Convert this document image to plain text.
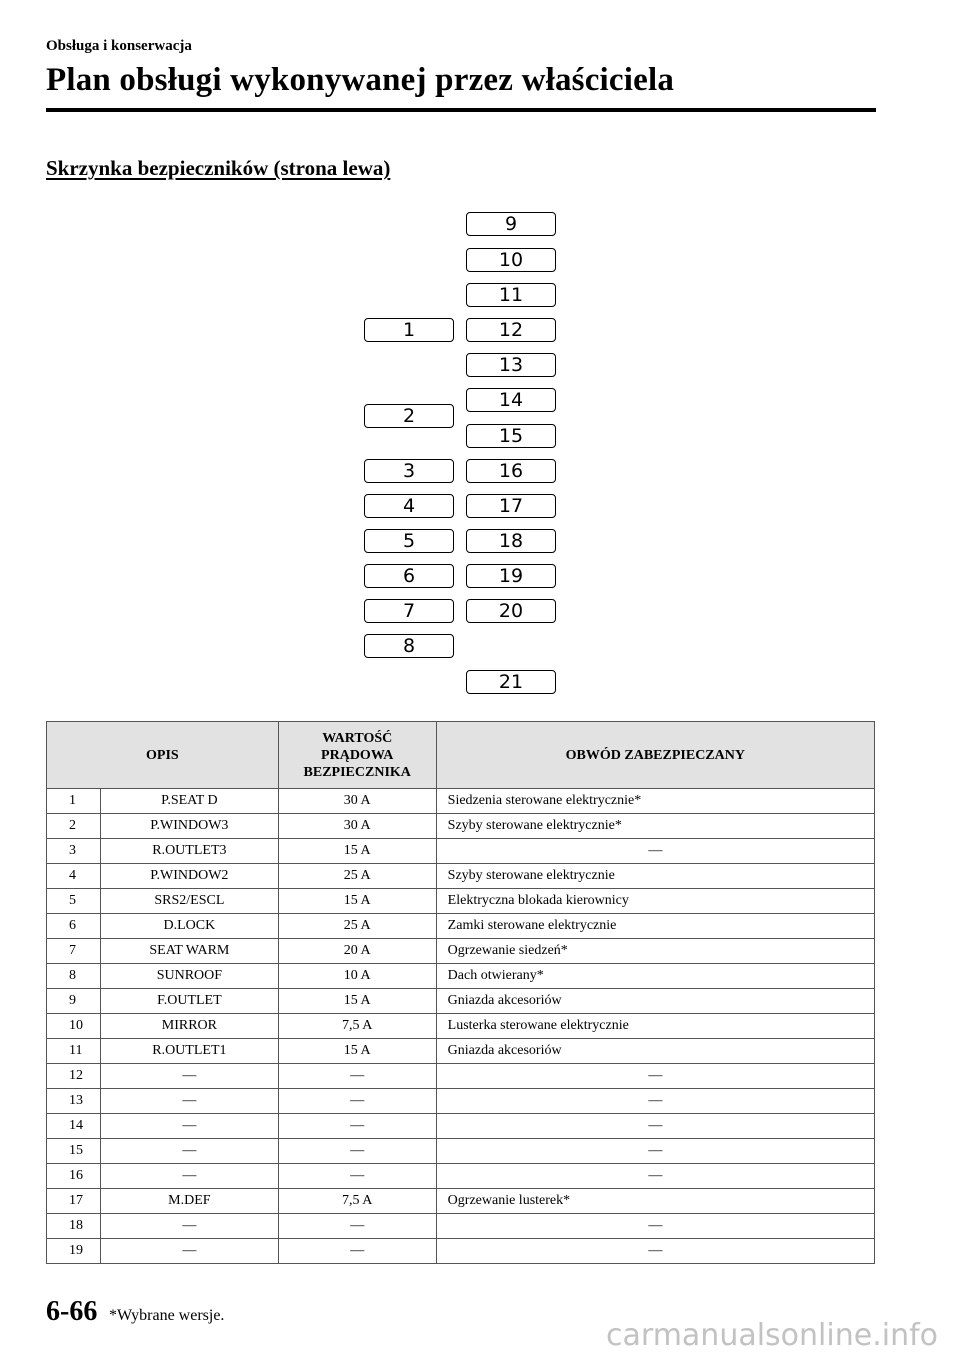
Obsługa i konserwacja
Plan obsługi wykonywanej przez właściciela
Skrzynka bezpieczników (strona lewa)
1
2
3
4
5
6
7
8
9
10
11
12
13
14
15
16
17
18
19
20
21
OPIS		WARTOŚĆ
PRĄDOWA
BEZPIECZNIKA	OBWÓD ZABEZPIECZANY
1	P.SEAT D	30 A	Siedzenia sterowane elektrycznie*
2	P.WINDOW3	30 A	Szyby sterowane elektrycznie*
3	R.OUTLET3	15 A	—
4	P.WINDOW2	25 A	Szyby sterowane elektrycznie
5	SRS2/ESCL	15 A	Elektryczna blokada kierownicy
6	D.LOCK	25 A	Zamki sterowane elektrycznie
7	SEAT WARM	20 A	Ogrzewanie siedzeń*
8	SUNROOF	10 A	Dach otwierany*
9	F.OUTLET	15 A	Gniazda akcesoriów
10	MIRROR	7,5 A	Lusterka sterowane elektrycznie
11	R.OUTLET1	15 A	Gniazda akcesoriów
12	—	—	—
13	—	—	—
14	—	—	—
15	—	—	—
16	—	—	—
17	M.DEF	7,5 A	Ogrzewanie lusterek*
18	—	—	—
19	—	—	—
6-66 *Wybrane wersje.
carmanualsonline.info
